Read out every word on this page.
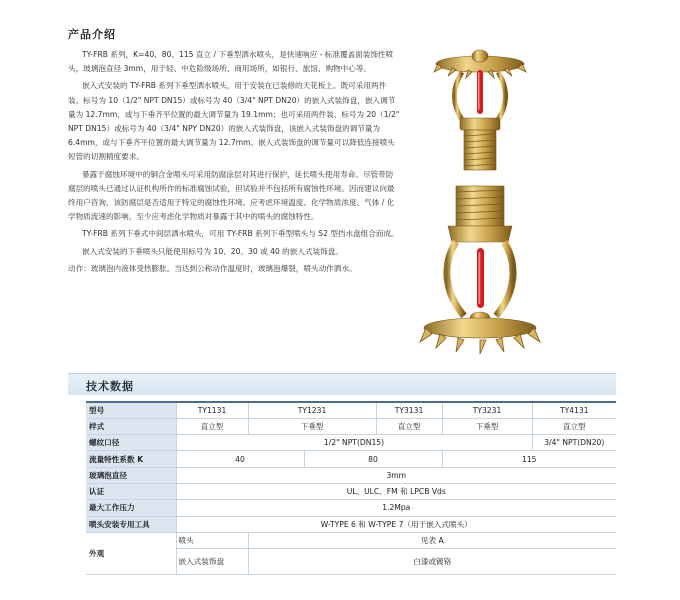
产品介绍

TY-FRB 系列，K=40、80、115 直立 / 下垂型洒水喷头，是快速响应 - 标准覆盖面装饰性喷头，玻璃泡直径 3mm，用于轻、中危险级场所、商用场所，如银行、旅馆、购物中心等。

嵌入式安装的 TY-FRB 系列下垂型洒水喷头，用于安装在已装修的天花板上。既可采用两件装、标号为 10（1/2" NPT DN15）或标号为 40（3/4" NPT DN20）的嵌入式装饰盘，嵌入调节量为 12.7mm，或与下垂齐平位置的最大调节量为 19.1mm；也可采用两件装、标号为 20（1/2" NPT DN15）或标号为 40（3/4" NPY DN20）的嵌入式装饰盘，该嵌入式装饰盘的调节量为 6.4mm，或与下垂齐平位置的最大调节量为 12.7mm。嵌入式装饰盘的调节量可以降低连接喷头短管的切割精度要求。

暴露于腐蚀环境中的铜合金喷头可采用防腐涂层对其进行保护，延长喷头使用寿命。尽管带防腐层的喷头已通过认证机构所作的标准腐蚀试验，但试验并不包括所有腐蚀性环境。因而建议向最终用户咨询，该防腐层是否适用于特定的腐蚀性环境。应考虑环境温度、化学物质浓度、气体 / 化学物质流速的影响，至少应考虑化学物质对暴露于其中的喷头的腐蚀特性。

TY-FRB 系列下垂式中间层洒水喷头，可用 TY-FRB 系列下垂型喷头与 S2 型挡水盘组合而成。

嵌入式安装的下垂喷头只能使用标号为 10、20、30 或 40 的嵌入式装饰盘。

动作：玻璃泡内液体受热膨胀。当达到公称动作温度时，玻璃泡爆裂，喷头动作洒水。

技术数据
型号	TY1131	TY1231		TY3131	TY3231	TY4131
样式	直立型	下垂型		直立型	下垂型	直立型
螺纹口径	1/2" NPT(DN15)					3/4" NPT(DN20)
流量特性系数 K	40		80		115	
玻璃泡直径	3mm					
认证	UL、ULC、FM 和 LPCB Vds					
最大工作压力	1.2Mpa					
喷头安装专用工具	W-TYPE 6 和 W-TYPE 7（用于嵌入式喷头）					
外观	喷头	见表 A				
	嵌入式装饰盘	白漆或镀铬				
